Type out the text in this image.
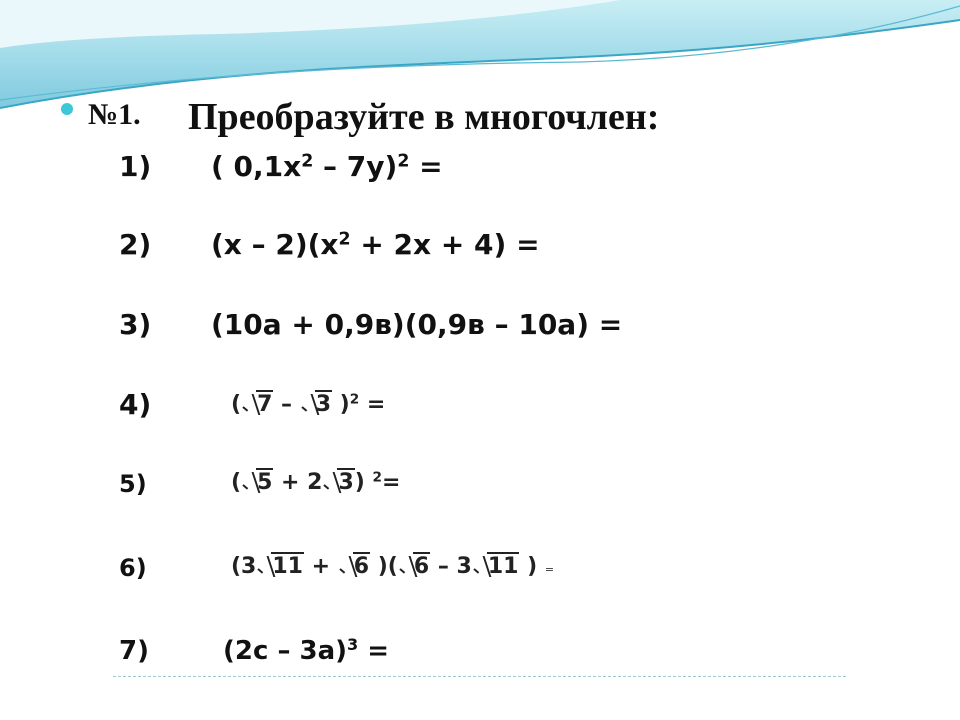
№1. Преобразуйте в многочлен:
1) ( $0,1x^2 - 7y)^2$ =
2) $(x - 2)(x^2 + 2x + 4)$ =
3) (10a + 0,9в)(0,9в – 10a) =
4)	( 7 – 3 )$^2$ =
5)	( 5 + 2 3) $^2$=
6)	(3 11 + 6 )( 6 – 3 11 ) =
7)	(2c – 3a)$^3$ =
